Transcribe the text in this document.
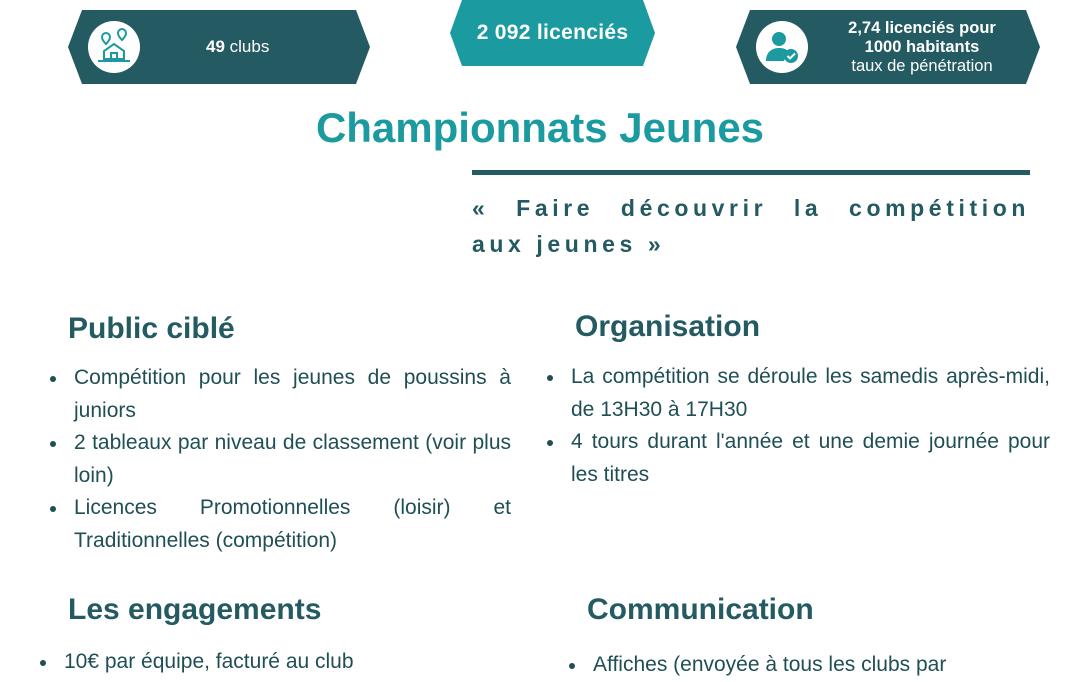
49 clubs
2 092 licenciés	2,74 licenciés pour
1000 habitants
taux de pénétration
Championnats Jeunes

« Faire découvrir la compétition aux jeunes »

Public ciblé
Compétition pour les jeunes de poussins à juniors
2 tableaux par niveau de classement (voir plus loin)
Licences Promotionnelles (loisir) et Traditionnelles (compétition)
Organisation
La compétition se déroule les samedis après-midi, de 13H30 à 17H30
4 tours durant l'année et une demie journée pour les titres
Les engagements
10€ par équipe, facturé au club
Communication
Affiches (envoyée à tous les clubs par
